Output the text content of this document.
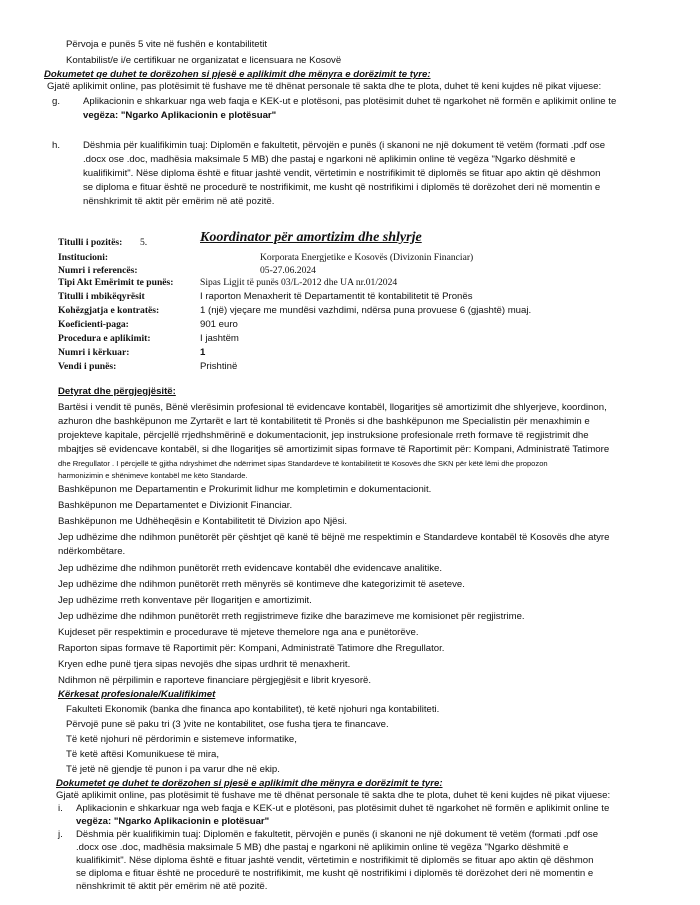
Përvoja e punës 5 vite në fushën e kontabilitetit
Kontabilist/e i/e certifikuar ne organizatat e licensuara ne Kosovë
Dokumetet qe duhet te dorëzohen si pjesë e aplikimit dhe mënyra e dorëzimit te tyre:
Gjatë aplikimit online, pas plotësimit të fushave me të dhënat personale të sakta dhe te plota, duhet të keni kujdes në pikat vijuese:
g. Aplikacionin e shkarkuar nga web faqja e KEK-ut e plotësoni, pas plotësimit duhet të ngarkohet në formën e aplikimit online te
vegëza: "Ngarko Aplikacionin e plotësuar"
h. Dëshmia për kualifikimin tuaj: Diplomën e fakultetit, përvojën e punës (i skanoni ne një dokument të vetëm (formati .pdf ose
.docx ose .doc, madhësia maksimale 5 MB) dhe pastaj e ngarkoni në aplikimin online të vegëza "Ngarko dëshmitë e
kualifikimit". Nëse diploma është e fituar jashtë vendit, vërtetimin e nostrifikimit të diplomës se fituar apo aktin që dëshmon
se diploma e fituar është ne procedurë te nostrifikimit, me kusht që nostrifikimi i diplomës të dorëzohet deri në momentin e
nënshkrimit të aktit për emërim në atë pozitë.
Titulli i pozitës: 5.	Koordinator për amortizim dhe shlyrje
Institucioni:	Korporata Energjetike e Kosovës (Divizonin Financiar)
Numri i referencës:	05-27.06.2024
Tipi Akt Emërimit te punës:	Sipas Ligjit të punës 03/L-2012 dhe UA nr.01/2024
Titulli i mbikëqyrësit	I raporton Menaxherit të Departamentit të kontabilitetit të Pronës
Kohëzgjatja e kontratës:	1 (një) vjeçare me mundësi vazhdimi, ndërsa puna provuese 6 (gjashtë) muaj.
Koeficienti-paga:	901 euro
Procedura e aplikimit:	I jashtëm
Numri i kërkuar:	1
Vendi i punës:	Prishtinë
Detyrat dhe përgjegjësitë:
Bartësi i vendit të punës, Bënë vlerësimin profesional të evidencave kontabël, llogaritjes së amortizimit dhe shlyerjeve, koordinon,
azhuron dhe bashkëpunon me Zyrtarët e lart të kontabilitetit të Pronës si dhe bashkëpunon me Specialistin për menaxhimin e
projekteve kapitale, përcjellë rrjedhshmërinë e dokumentacionit, jep instruksione profesionale rreth formave të regjistrimit dhe
mbajtjes së evidencave kontabël, si dhe llogaritjes së amortizimit sipas formave të Raportimit për: Kompani, Administratë Tatimore
dhe Rregullator . I përcjellë të gjitha ndryshimet dhe ndërrimet sipas Standardeve të kontabilitetit të Kosovës dhe SKN për këtë lëmi dhe propozon
harmonizimin e shënimeve kontabël me këto Standarde.
Bashkëpunon me Departamentin e Prokurimit lidhur me kompletimin e dokumentacionit.
Bashkëpunon me Departamentet e Divizionit Financiar.
Bashkëpunon me Udhëheqësin e Kontabilitetit të Divizion apo Njësi.
Jep udhëzime dhe ndihmon punëtorët për çështjet që kanë të bëjnë me respektimin e Standardeve kontabël të Kosovës dhe atyre
ndërkombëtare.
Jep udhëzime dhe ndihmon punëtorët rreth evidencave kontabël dhe evidencave analitike.
Jep udhëzime dhe ndihmon punëtorët rreth mënyrës së kontimeve dhe kategorizimit të aseteve.
Jep udhëzime rreth konventave për llogaritjen e amortizimit.
Jep udhëzime dhe ndihmon punëtorët rreth regjistrimeve fizike dhe barazimeve me komisionet për regjistrime.
Kujdeset për respektimin e procedurave të mjeteve themelore nga ana e punëtorëve.
Raporton sipas formave të Raportimit për: Kompani, Administratë Tatimore dhe Rregullator.
Kryen edhe punë tjera sipas nevojës dhe sipas urdhrit të menaxherit.
Ndihmon në përpilimin e raporteve financiare përgjegjësit e librit kryesorë.
Kërkesat profesionale/Kualifikimet
Fakulteti Ekonomik (banka dhe financa apo kontabilitet), të ketë njohuri nga kontabiliteti.
Përvojë pune së paku tri (3 )vite ne kontabilitet, ose fusha tjera te financave.
Të ketë njohuri në përdorimin e sistemeve informatike,
Të ketë aftësi Komunikuese të mira,
Të jetë në gjendje të punon i pa varur dhe në ekip.
Dokumetet qe duhet te dorëzohen si pjesë e aplikimit dhe mënyra e dorëzimit te tyre:
Gjatë aplikimit online, pas plotësimit të fushave me të dhënat personale të sakta dhe te plota, duhet të keni kujdes në pikat vijuese:
i. Aplikacionin e shkarkuar nga web faqja e KEK-ut e plotësoni, pas plotësimit duhet të ngarkohet në formën e aplikimit online te
vegëza: "Ngarko Aplikacionin e plotësuar"
j. Dëshmia për kualifikimin tuaj: Diplomën e fakultetit, përvojën e punës (i skanoni ne një dokument të vetëm (formati .pdf ose
.docx ose .doc, madhësia maksimale 5 MB) dhe pastaj e ngarkoni në aplikimin online të vegëza "Ngarko dëshmitë e
kualifikimit". Nëse diploma është e fituar jashtë vendit, vërtetimin e nostrifikimit të diplomës se fituar apo aktin që dëshmon
se diploma e fituar është ne procedurë te nostrifikimit, me kusht që nostrifikimi i diplomës të dorëzohet deri në momentin e
nënshkrimit të aktit për emërim në atë pozitë.
